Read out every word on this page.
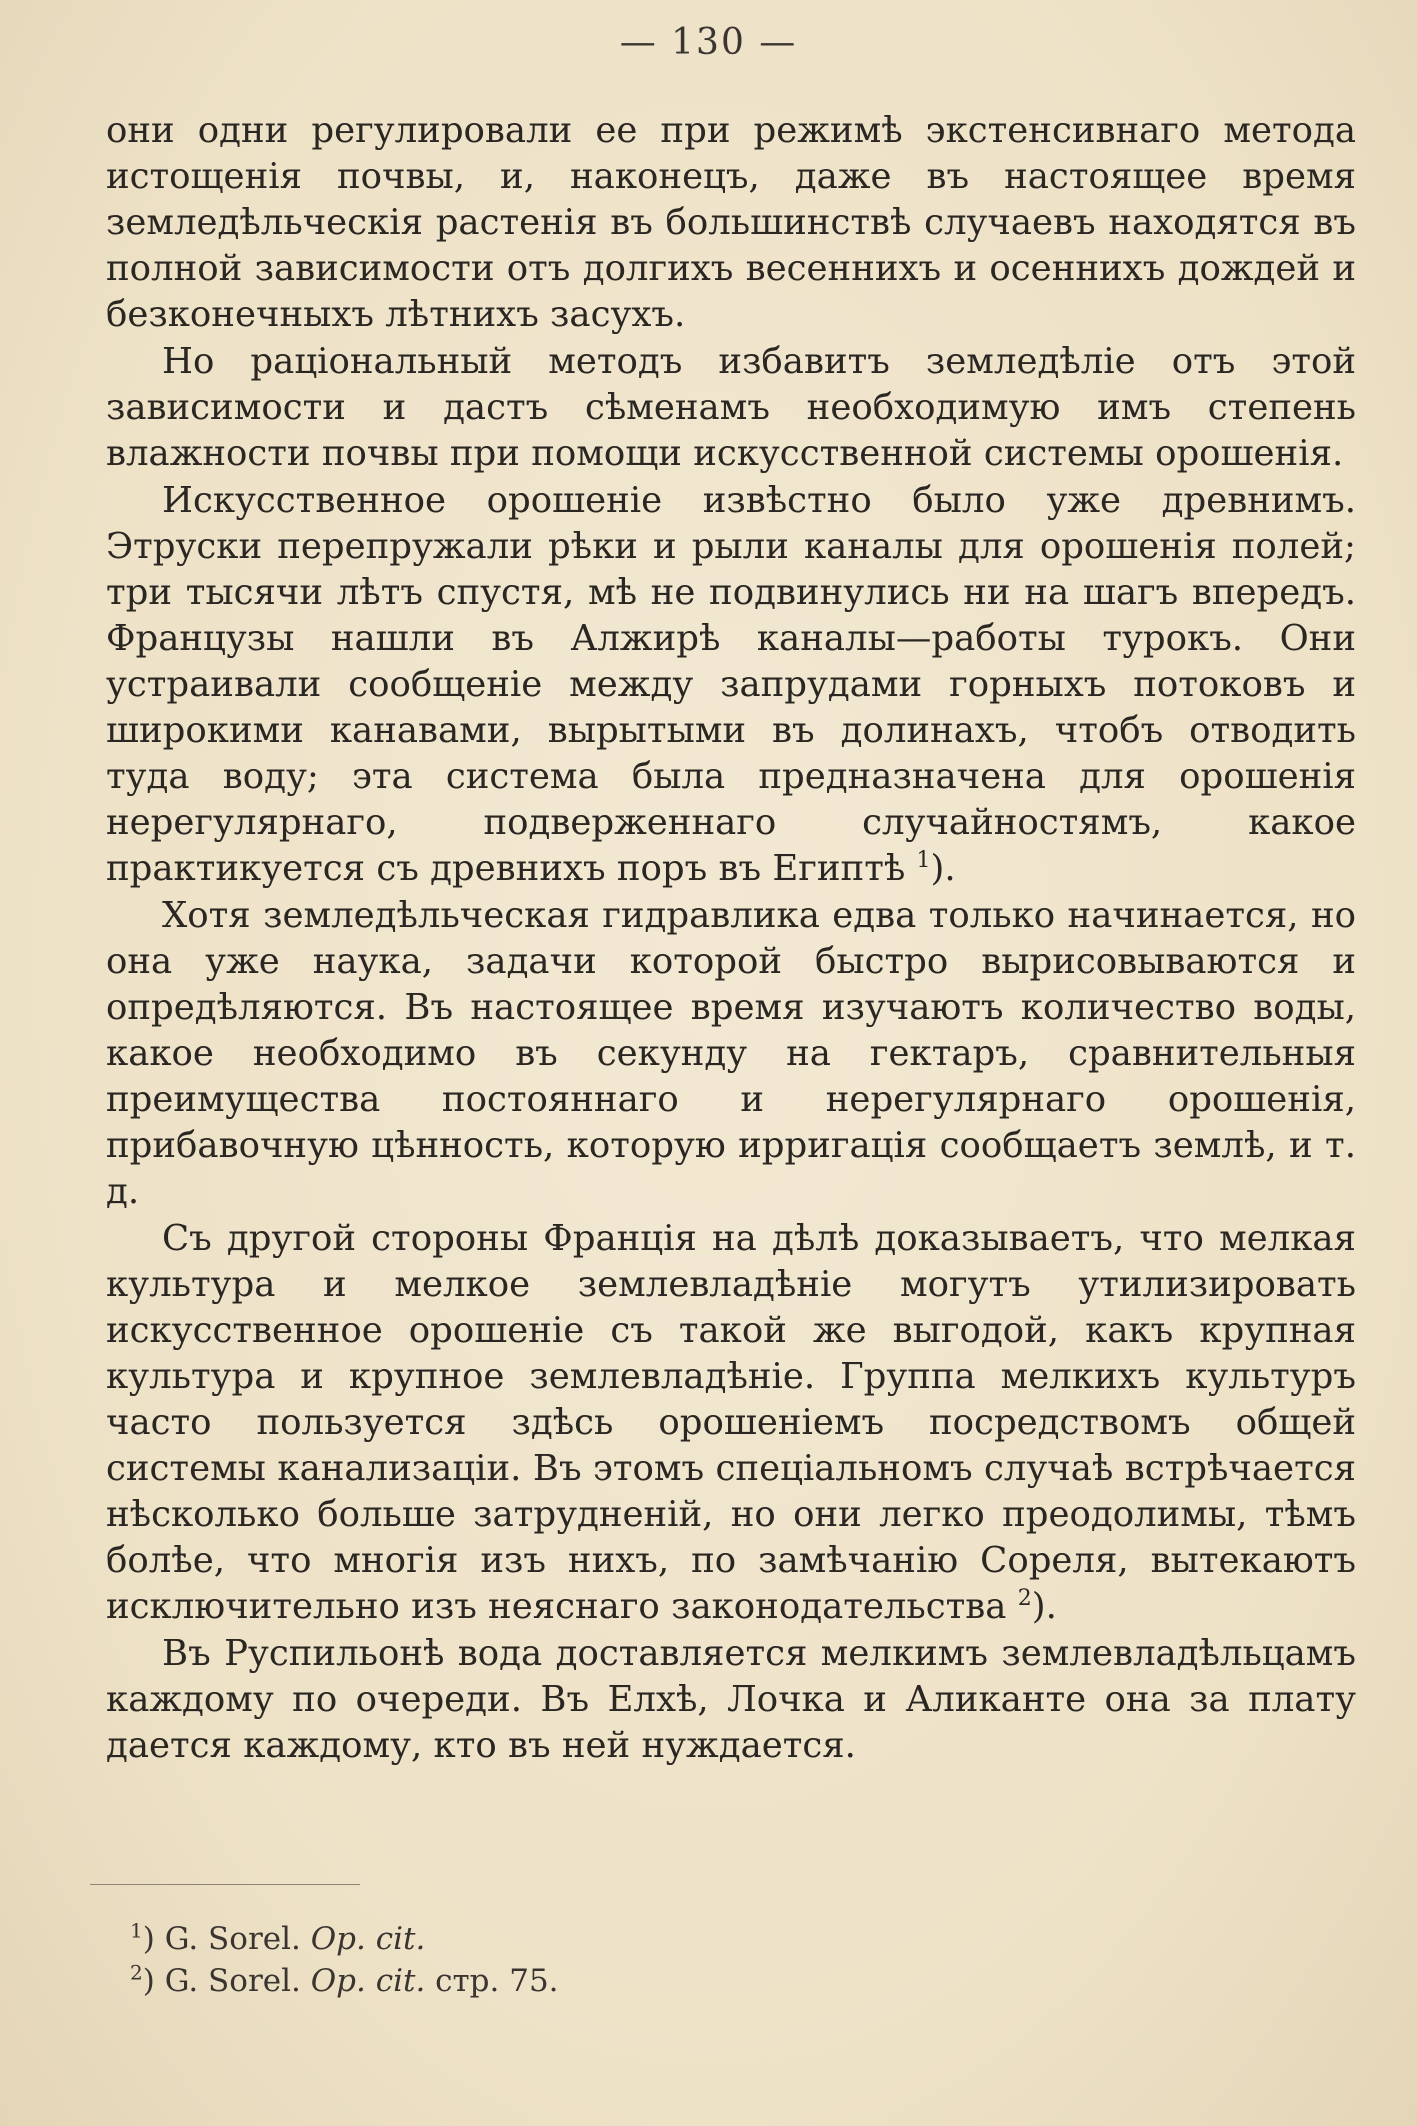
— 130 —

они одни регулировали ее при режимѣ экстенсивнаго метода истощенія почвы, и, наконецъ, даже въ настоящее время земледѣльческія растенія въ большинствѣ случаевъ находятся въ полной зависимости отъ долгихъ весеннихъ и осеннихъ дождей и безконечныхъ лѣтнихъ засухъ.

Но раціональный методъ избавитъ земледѣліе отъ этой зависимости и дастъ сѣменамъ необходимую имъ степень влажности почвы при помощи искусственной системы орошенія.

Искусственное орошеніе извѣстно было уже древнимъ. Этруски перепружали рѣки и рыли каналы для орошенія полей; три тысячи лѣтъ спустя, мѣ не подвинулись ни на шагъ впередъ. Французы нашли въ Алжирѣ каналы—работы турокъ. Они устраивали сообщеніе между запрудами горныхъ потоковъ и широкими канавами, вырытыми въ долинахъ, чтобъ отводить туда воду; эта система была предназначена для орошенія нерегулярнаго, подверженнаго случайностямъ, какое практикуется съ древнихъ поръ въ Египтѣ $^1$).

Хотя земледѣльческая гидравлика едва только начинается, но она уже наука, задачи которой быстро вырисовываются и опредѣляются. Въ настоящее время изучаютъ количество воды, какое необходимо въ секунду на гектаръ, сравнительныя преимущества постояннаго и нерегулярнаго орошенія, прибавочную цѣнность, которую ирригація сообщаетъ землѣ, и т. д.

Съ другой стороны Франція на дѣлѣ доказываетъ, что мелкая культура и мелкое землевладѣніе могутъ утилизировать искусственное орошеніе съ такой же выгодой, какъ крупная культура и крупное землевладѣніе. Группа мелкихъ культуръ часто пользуется здѣсь орошеніемъ посредствомъ общей системы канализаціи. Въ этомъ спеціальномъ случаѣ встрѣчается нѣсколько больше затрудненій, но они легко преодолимы, тѣмъ болѣе, что многія изъ нихъ, по замѣчанію Сореля, вытекаютъ исключительно изъ неяснаго законодательства $^2$).

Въ Руспильонѣ вода доставляется мелкимъ землевладѣльцамъ каждому по очереди. Въ Елхѣ, Лочка и Аликанте она за плату дается каждому, кто въ ней нуждается.

$^1$) G. Sorel. Op. cit.
$^2$) G. Sorel. Op. cit. стр. 75.
